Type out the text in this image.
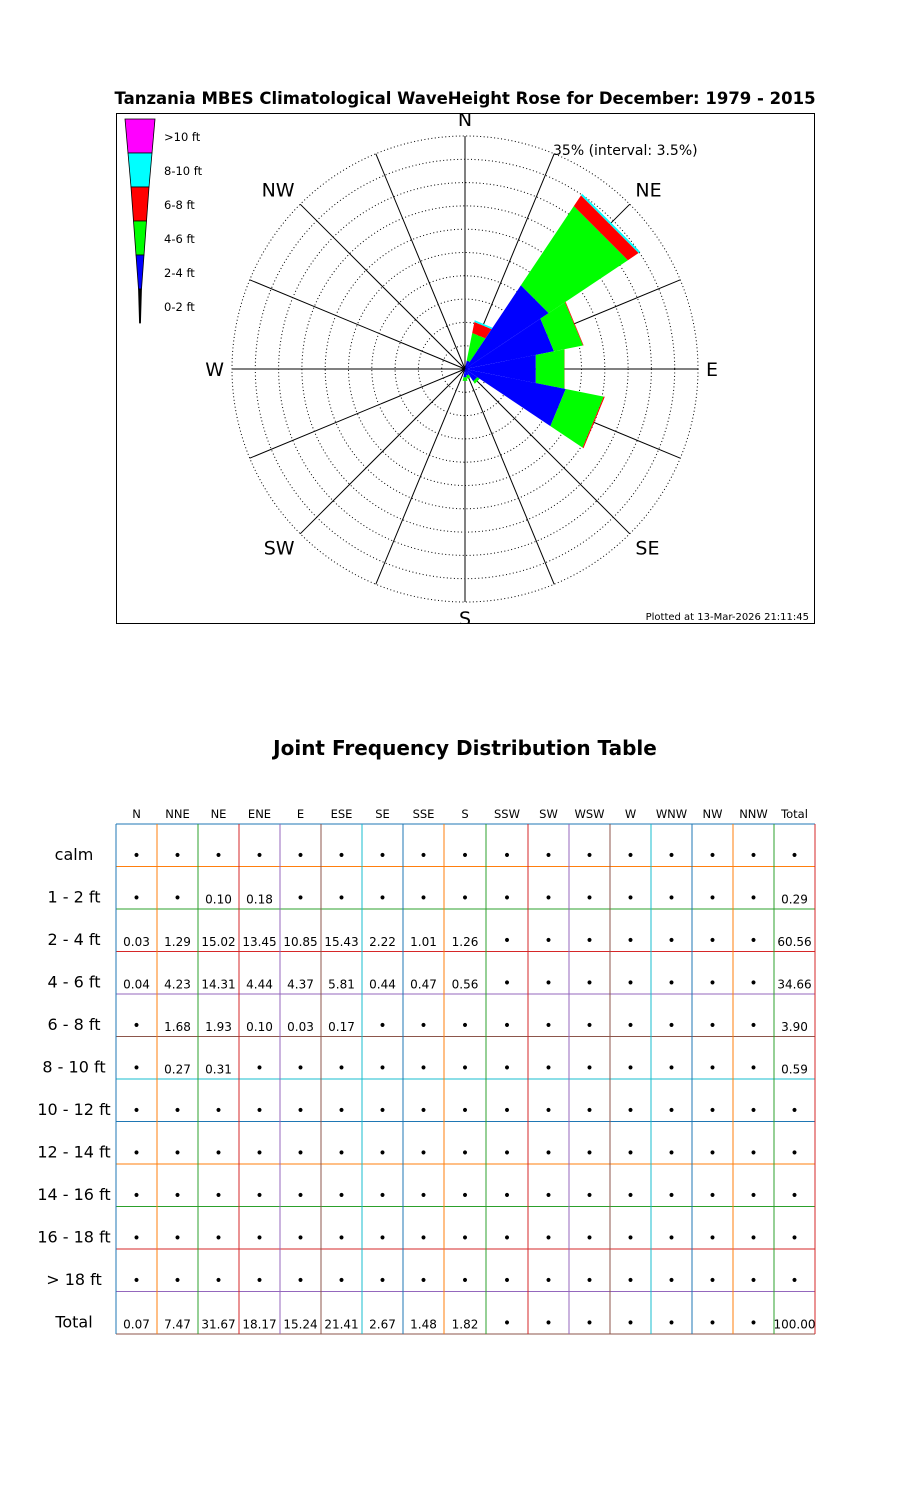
Tanzania MBES Climatological WaveHeight Rose for December: 1979 - 2015
N
NE
E
SE
S
SW
W
NW
>10 ft
8-10 ft
6-8 ft
4-6 ft
2-4 ft
0-2 ft
35% (interval: 3.5%)
Plotted at 13-Mar-2026 21:11:45
Joint Frequency Distribution Table
N NNE NE ENE E ESE SE SSE S SSW SW WSW W WNW NW NNW Total
calm	• • • • • • • • • • • • • • • • •
1 - 2 ft • • 0.10 0.18 • • • • • • • • • • • • 0.29
2 - 4 ft 0.03 1.29 15.02 13.45 10.85 15.43 2.22 1.01 1.26 • • • • • • • 60.56
4 - 6 ft 0.04 4.23 14.31 4.44 4.37 5.81 0.44 0.47 0.56 • • • • • • • 34.66
6 - 8 ft • 1.68 1.93 0.10 0.03 0.17 • • • • • • • • • • 3.90
8 - 10 ft • 0.27 0.31 • • • • • • • • • • • • • 0.59
10 - 12 ft • • • • • • • • • • • • • • • • •
12 - 14 ft • • • • • • • • • • • • • • • • •
14 - 16 ft • • • • • • • • • • • • • • • • •
16 - 18 ft • • • • • • • • • • • • • • • • •
> 18 ft • • • • • • • • • • • • • • • • •
Total	0.07 7.47 31.67 18.17 15.24 21.41 2.67 1.48 1.82 • • • • • • • 100.00
